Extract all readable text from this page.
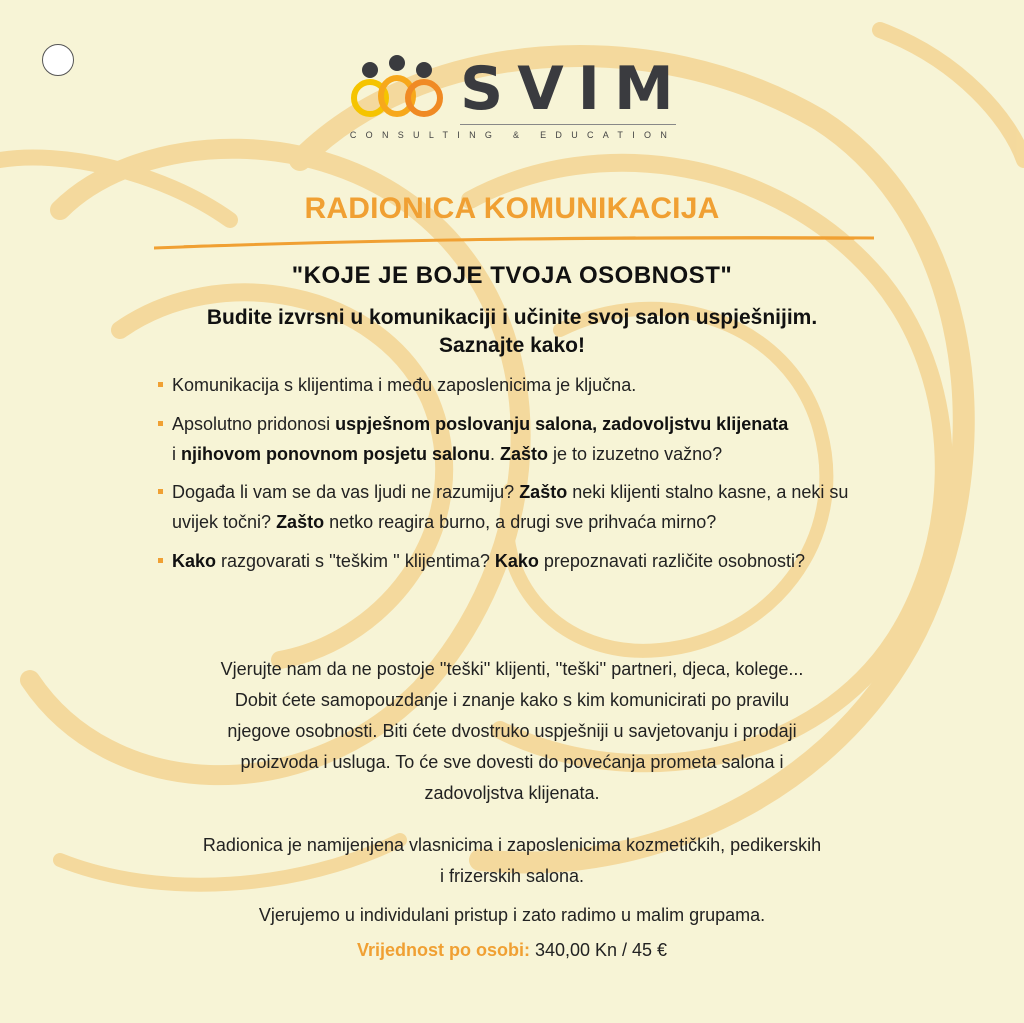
SVIM
CONSULTING & EDUCATION
RADIONICA KOMUNIKACIJA
"KOJE JE BOJE TVOJA OSOBNOST"
Budite izvrsni u komunikaciji i učinite svoj salon uspješnijim.
Saznajte kako!
Komunikacija s klijentima i među zaposlenicima je ključna.
Apsolutno pridonosi uspješnom poslovanju salona, zadovoljstvu klijenata
i njihovom ponovnom posjetu salonu. Zašto je to izuzetno važno?
Događa li vam se da vas ljudi ne razumiju? Zašto neki klijenti stalno kasne, a neki su uvijek točni? Zašto netko reagira burno, a drugi sve prihvaća mirno?
Kako razgovarati s ''teškim '' klijentima? Kako prepoznavati različite osobnosti?
Vjerujte nam da ne postoje ''teški'' klijenti, ''teški'' partneri, djeca, kolege...
Dobit ćete samopouzdanje i znanje kako s kim komunicirati po pravilu
njegove osobnosti. Biti ćete dvostruko uspješniji u savjetovanju i prodaji
proizvoda i usluga. To će sve dovesti do povećanja prometa salona i
zadovoljstva klijenata.
Radionica je namijenjena vlasnicima i zaposlenicima kozmetičkih, pedikerskih
i frizerskih salona.
Vjerujemo u individulani pristup i zato radimo u malim grupama.
Vrijednost po osobi: 340,00 Kn / 45 €
